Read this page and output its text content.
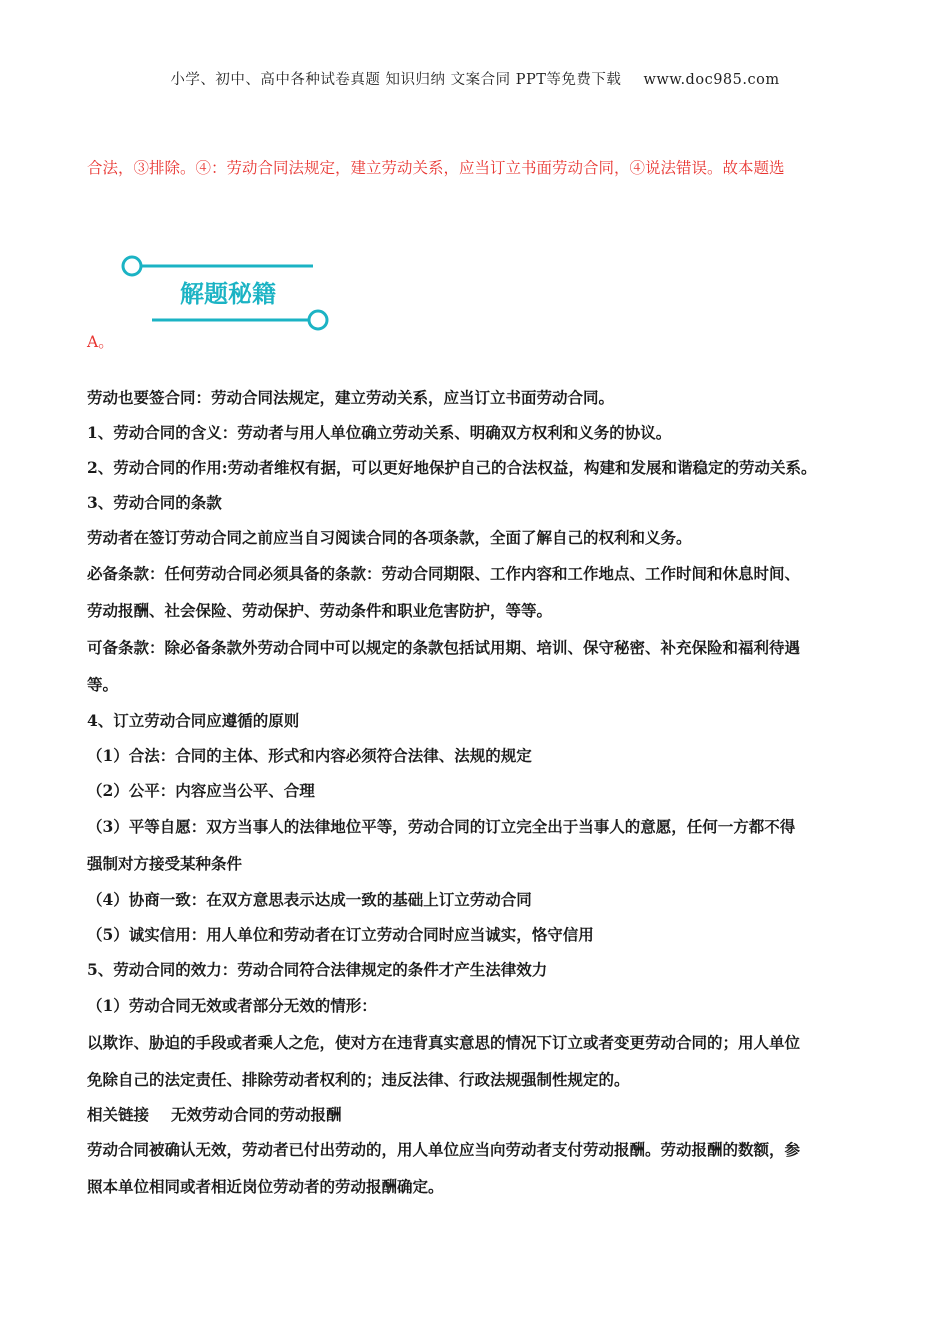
小学、初中、高中各种试卷真题 知识归纳 文案合同 PPT等免费下载 www.doc985.com
合法，③排除。④：劳动合同法规定，建立劳动关系，应当订立书面劳动合同，④说法错误。故本题选
解题秘籍
A。

劳动也要签合同：劳动合同法规定，建立劳动关系，应当订立书面劳动合同。

1、劳动合同的含义：劳动者与用人单位确立劳动关系、明确双方权利和义务的协议。

2、劳动合同的作用:劳动者维权有据，可以更好地保护自己的合法权益，构建和发展和谐稳定的劳动关系。

3、劳动合同的条款

劳动者在签订劳动合同之前应当自习阅读合同的各项条款，全面了解自己的权利和义务。

必备条款：任何劳动合同必须具备的条款：劳动合同期限、工作内容和工作地点、工作时间和休息时间、

劳动报酬、社会保险、劳动保护、劳动条件和职业危害防护，等等。

可备条款：除必备条款外劳动合同中可以规定的条款包括试用期、培训、保守秘密、补充保险和福利待遇

等。

4、订立劳动合同应遵循的原则

（1）合法：合同的主体、形式和内容必须符合法律、法规的规定

（2）公平：内容应当公平、合理

（3）平等自愿：双方当事人的法律地位平等，劳动合同的订立完全出于当事人的意愿，任何一方都不得

强制对方接受某种条件

（4）协商一致：在双方意思表示达成一致的基础上订立劳动合同

（5）诚实信用：用人单位和劳动者在订立劳动合同时应当诚实，恪守信用

5、劳动合同的效力：劳动合同符合法律规定的条件才产生法律效力

（1）劳动合同无效或者部分无效的情形：

以欺诈、胁迫的手段或者乘人之危，使对方在违背真实意思的情况下订立或者变更劳动合同的；用人单位

免除自己的法定责任、排除劳动者权利的；违反法律、行政法规强制性规定的。

相关链接 无效劳动合同的劳动报酬

劳动合同被确认无效，劳动者已付出劳动的，用人单位应当向劳动者支付劳动报酬。劳动报酬的数额，参

照本单位相同或者相近岗位劳动者的劳动报酬确定。
